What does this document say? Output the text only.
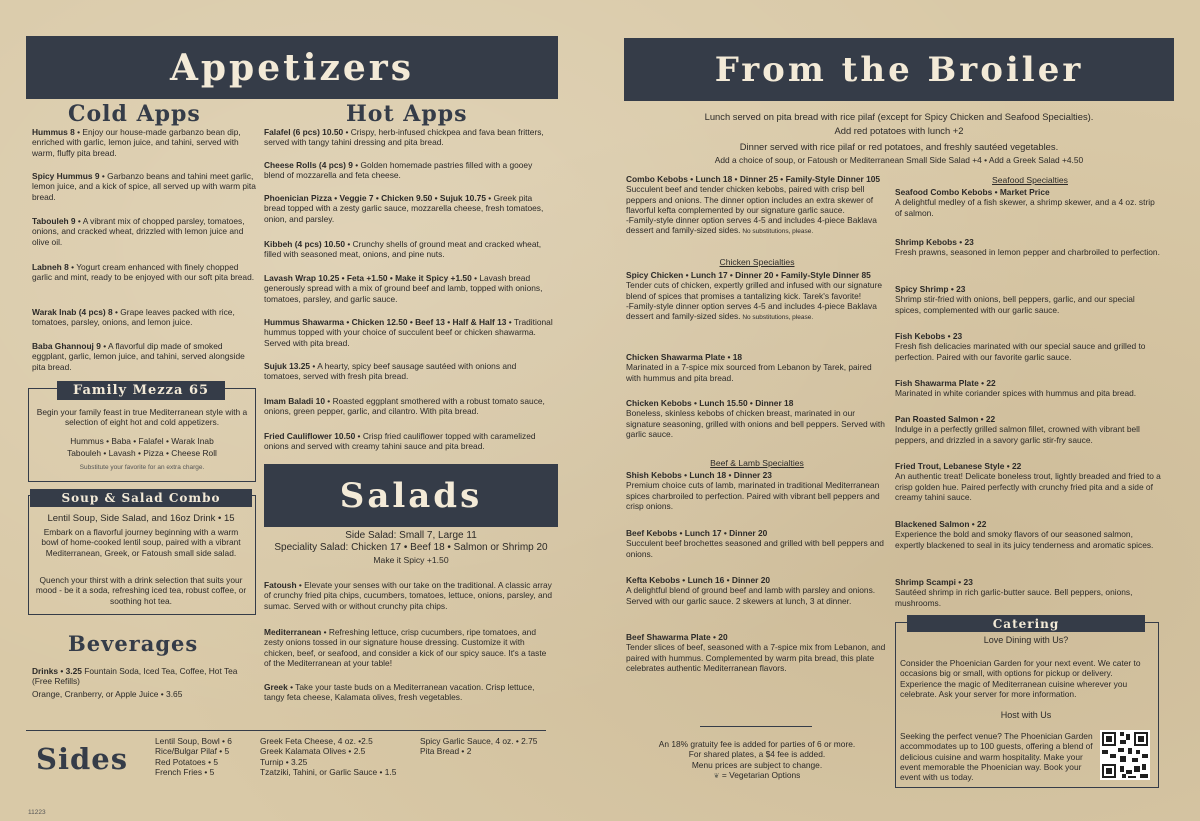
Appetizers
Cold Apps	Hot Apps
Hummus 8 • Enjoy our house-made garbanzo bean dip, enriched with garlic, lemon juice, and tahini, served with warm, fluffy pita bread.
Spicy Hummus 9 • Garbanzo beans and tahini meet garlic, lemon juice, and a kick of spice, all served up with warm pita bread.
Tabouleh 9 • A vibrant mix of chopped parsley, tomatoes, onions, and cracked wheat, drizzled with lemon juice and olive oil.
Labneh 8 • Yogurt cream enhanced with finely chopped garlic and mint, ready to be enjoyed with our soft pita bread.
Warak Inab (4 pcs) 8 • Grape leaves packed with rice, tomatoes, parsley, onions, and lemon juice.
Baba Ghannouj 9 • A flavorful dip made of smoked eggplant, garlic, lemon juice, and tahini, served alongside pita bread.
Family Mezza 65
Begin your family feast in true Mediterranean style with a selection of eight hot and cold appetizers.
Hummus • Baba • Falafel • Warak Inab
Tabouleh • Lavash • Pizza • Cheese Roll
Substitute your favorite for an extra charge.
Soup & Salad Combo
Lentil Soup, Side Salad, and 16oz Drink • 15
Embark on a flavorful journey beginning with a warm bowl of home-cooked lentil soup, paired with a vibrant Mediterranean, Greek, or Fatoush small side salad.
Quench your thirst with a drink selection that suits your mood - be it a soda, refreshing iced tea, robust coffee, or soothing hot tea.
Beverages
Drinks • 3.25 Fountain Soda, Iced Tea, Coffee, Hot Tea (Free Refills)
Orange, Cranberry, or Apple Juice • 3.65
Falafel (6 pcs) 10.50 • Crispy, herb-infused chickpea and fava bean fritters, served with tangy tahini dressing and pita bread.
Cheese Rolls (4 pcs) 9 • Golden homemade pastries filled with a gooey blend of mozzarella and feta cheese.
Phoenician Pizza • Veggie 7 • Chicken 9.50 • Sujuk 10.75 • Greek pita bread topped with a zesty garlic sauce, mozzarella cheese, fresh tomatoes, onion, and parsley.
Kibbeh (4 pcs) 10.50 • Crunchy shells of ground meat and cracked wheat, filled with seasoned meat, onions, and pine nuts.
Lavash Wrap 10.25 • Feta +1.50 • Make it Spicy +1.50 • Lavash bread generously spread with a mix of ground beef and lamb, topped with onions, tomatoes, parsley, and garlic sauce.
Hummus Shawarma • Chicken 12.50 • Beef 13 • Half & Half 13 • Traditional hummus topped with your choice of succulent beef or chicken shawarma. Served with pita bread.
Sujuk 13.25 • A hearty, spicy beef sausage sautéed with onions and tomatoes, served with fresh pita bread.
Imam Baladi 10 • Roasted eggplant smothered with a robust tomato sauce, onions, green pepper, garlic, and cilantro. With pita bread.
Fried Cauliflower 10.50 • Crisp fried cauliflower topped with caramelized onions and served with creamy tahini sauce and pita bread.
Salads
Side Salad: Small 7, Large 11
Speciality Salad: Chicken 17 • Beef 18 • Salmon or Shrimp 20
Make it Spicy +1.50
Fatoush • Elevate your senses with our take on the traditional. A classic array of crunchy fried pita chips, cucumbers, tomatoes, lettuce, onions, parsley, and sumac. Served with or without crunchy pita chips.
Mediterranean • Refreshing lettuce, crisp cucumbers, ripe tomatoes, and zesty onions tossed in our signature house dressing. Customize it with chicken, beef, or seafood, and consider a kick of our spicy sauce. It's a taste of the Mediterranean at your table!
Greek • Take your taste buds on a Mediterranean vacation. Crisp lettuce, tangy feta cheese, Kalamata olives, fresh vegetables.
Sides
Lentil Soup, Bowl • 6
Rice/Bulgar Pilaf • 5
Red Potatoes • 5
French Fries • 5
Greek Feta Cheese, 4 oz. •2.5
Greek Kalamata Olives • 2.5
Turnip • 3.25
Tzatziki, Tahini, or Garlic Sauce • 1.5
Spicy Garlic Sauce, 4 oz. • 2.75
Pita Bread • 2
11223
From the Broiler
Lunch served on pita bread with rice pilaf (except for Spicy Chicken and Seafood Specialties).
Add red potatoes with lunch +2
Dinner served with rice pilaf or red potatoes, and freshly sautéed vegetables.
Add a choice of soup, or Fatoush or Mediterranean Small Side Salad +4 • Add a Greek Salad +4.50
Combo Kebobs • Lunch 18 • Dinner 25 • Family-Style Dinner 105
Succulent beef and tender chicken kebobs, paired with crisp bell peppers and onions. The dinner option includes an extra skewer of flavorful kefta complemented by our signature garlic sauce.
-Family-style dinner option serves 4-5 and includes 4-piece Baklava dessert and family-sized sides. No substitutions, please.
Chicken Specialties
Spicy Chicken • Lunch 17 • Dinner 20 • Family-Style Dinner 85
Tender cuts of chicken, expertly grilled and infused with our signature blend of spices that promises a tantalizing kick. Tarek's favorite!
-Family-style dinner option serves 4-5 and includes 4-piece Baklava dessert and family-sized sides. No substitutions, please.
Chicken Shawarma Plate • 18
Marinated in a 7-spice mix sourced from Lebanon by Tarek, paired with hummus and pita bread.
Chicken Kebobs • Lunch 15.50 • Dinner 18
Boneless, skinless kebobs of chicken breast, marinated in our signature seasoning, grilled with onions and bell peppers. Served with garlic sauce.
Beef & Lamb Specialties
Shish Kebobs • Lunch 18 • Dinner 23
Premium choice cuts of lamb, marinated in traditional Mediterranean spices charbroiled to perfection. Paired with vibrant bell peppers and crisp onions.
Beef Kebobs • Lunch 17 • Dinner 20
Succulent beef brochettes seasoned and grilled with bell peppers and onions.
Kefta Kebobs • Lunch 16 • Dinner 20
A delightful blend of ground beef and lamb with parsley and onions. Served with our garlic sauce. 2 skewers at lunch, 3 at dinner.
Beef Shawarma Plate • 20
Tender slices of beef, seasoned with a 7-spice mix from Lebanon, and paired with hummus. Complemented by warm pita bread, this plate celebrates authentic Mediterranean flavors.
An 18% gratuity fee is added for parties of 6 or more.
For shared plates, a $4 fee is added.
Menu prices are subject to change.
❦ = Vegetarian Options
Seafood Specialties
Seafood Combo Kebobs • Market Price
A delightful medley of a fish skewer, a shrimp skewer, and a 4 oz. strip of salmon.
Shrimp Kebobs • 23
Fresh prawns, seasoned in lemon pepper and charbroiled to perfection.
Spicy Shrimp • 23
Shrimp stir-fried with onions, bell peppers, garlic, and our special spices, complemented with our garlic sauce.
Fish Kebobs • 23
Fresh fish delicacies marinated with our special sauce and grilled to perfection. Paired with our favorite garlic sauce.
Fish Shawarma Plate • 22
Marinated in white coriander spices with hummus and pita bread.
Pan Roasted Salmon • 22
Indulge in a perfectly grilled salmon fillet, crowned with vibrant bell peppers, and drizzled in a savory garlic stir-fry sauce.
Fried Trout, Lebanese Style • 22
An authentic treat! Delicate boneless trout, lightly breaded and fried to a crisp golden hue. Paired perfectly with crunchy fried pita and a side of creamy tahini sauce.
Blackened Salmon • 22
Experience the bold and smoky flavors of our seasoned salmon, expertly blackened to seal in its juicy tenderness and aromatic spices.
Shrimp Scampi • 23
Sautéed shrimp in rich garlic-butter sauce. Bell peppers, onions, mushrooms.
Catering
Love Dining with Us?
Consider the Phoenician Garden for your next event. We cater to occasions big or small, with options for pickup or delivery. Experience the magic of Mediterranean cuisine wherever you celebrate. Ask your server for more information.
Host with Us
Seeking the perfect venue? The Phoenician Garden accommodates up to 100 guests, offering a blend of delicious cuisine and warm hospitality. Make your event memorable the Phoenician way. Book your event with us today.
